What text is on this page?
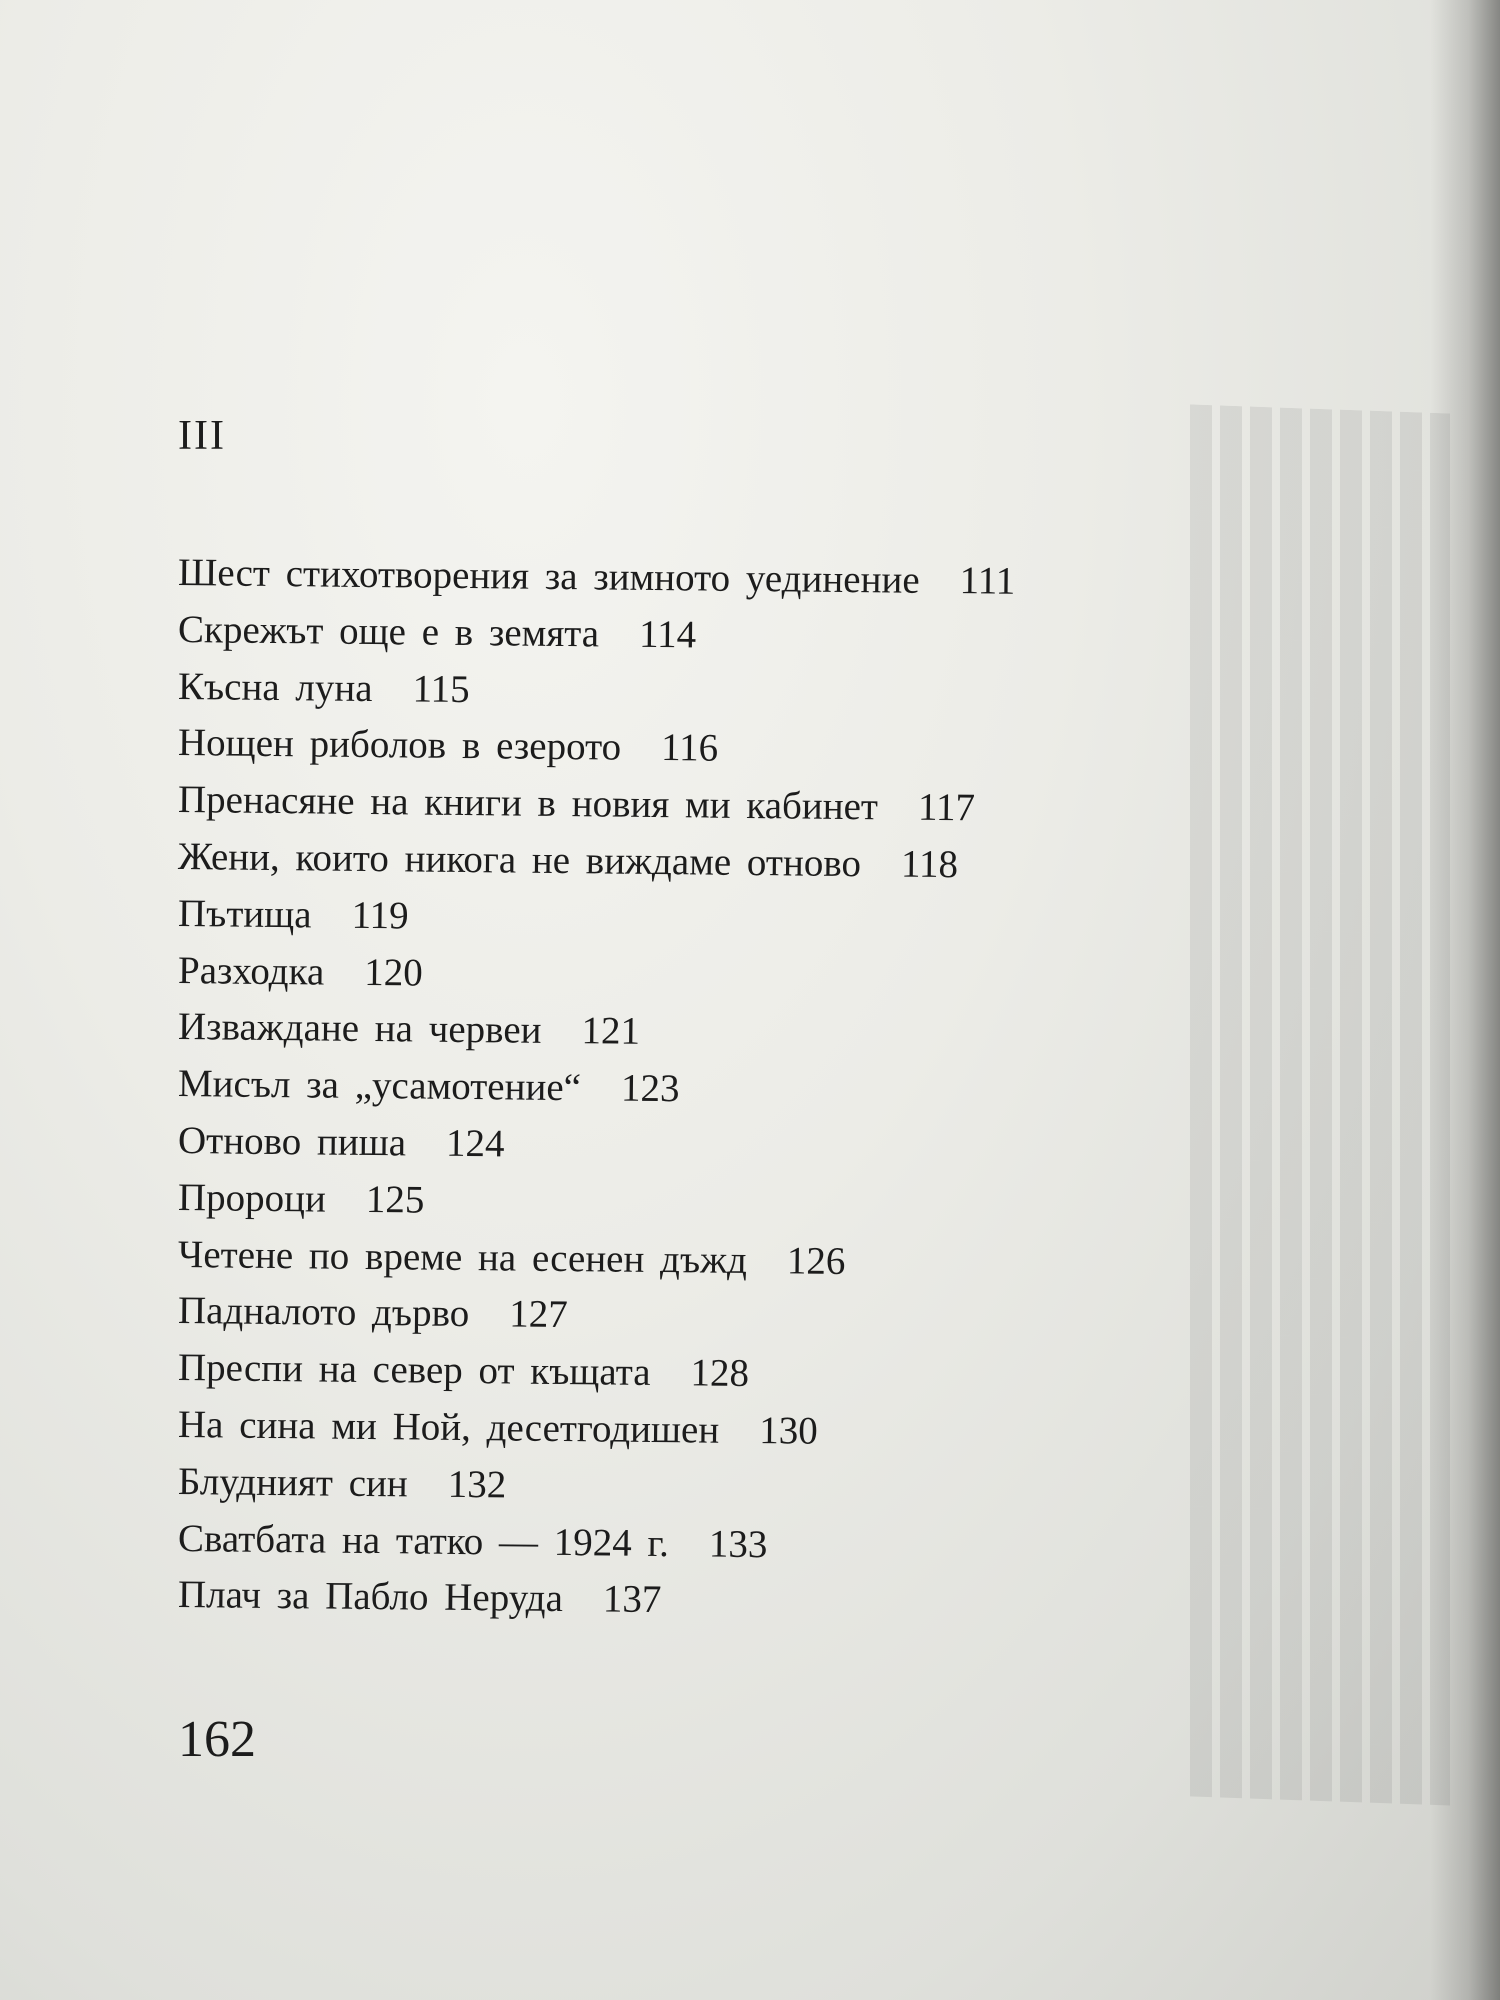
III
Шест стихотворения за зимното уединение 111
Скрежът още е в земята 114
Късна луна 115
Нощен риболов в езерото 116
Пренасяне на книги в новия ми кабинет 117
Жени, които никога не виждаме отново 118
Пътища 119
Разходка 120
Изваждане на червеи 121
Мисъл за „усамотение“ 123
Отново пиша 124
Пророци 125
Четене по време на есенен дъжд 126
Падналото дърво 127
Преспи на север от къщата 128
На сина ми Ной, десетгодишен 130
Блудният син 132
Сватбата на татко — 1924 г. 133
Плач за Пабло Неруда 137
162
